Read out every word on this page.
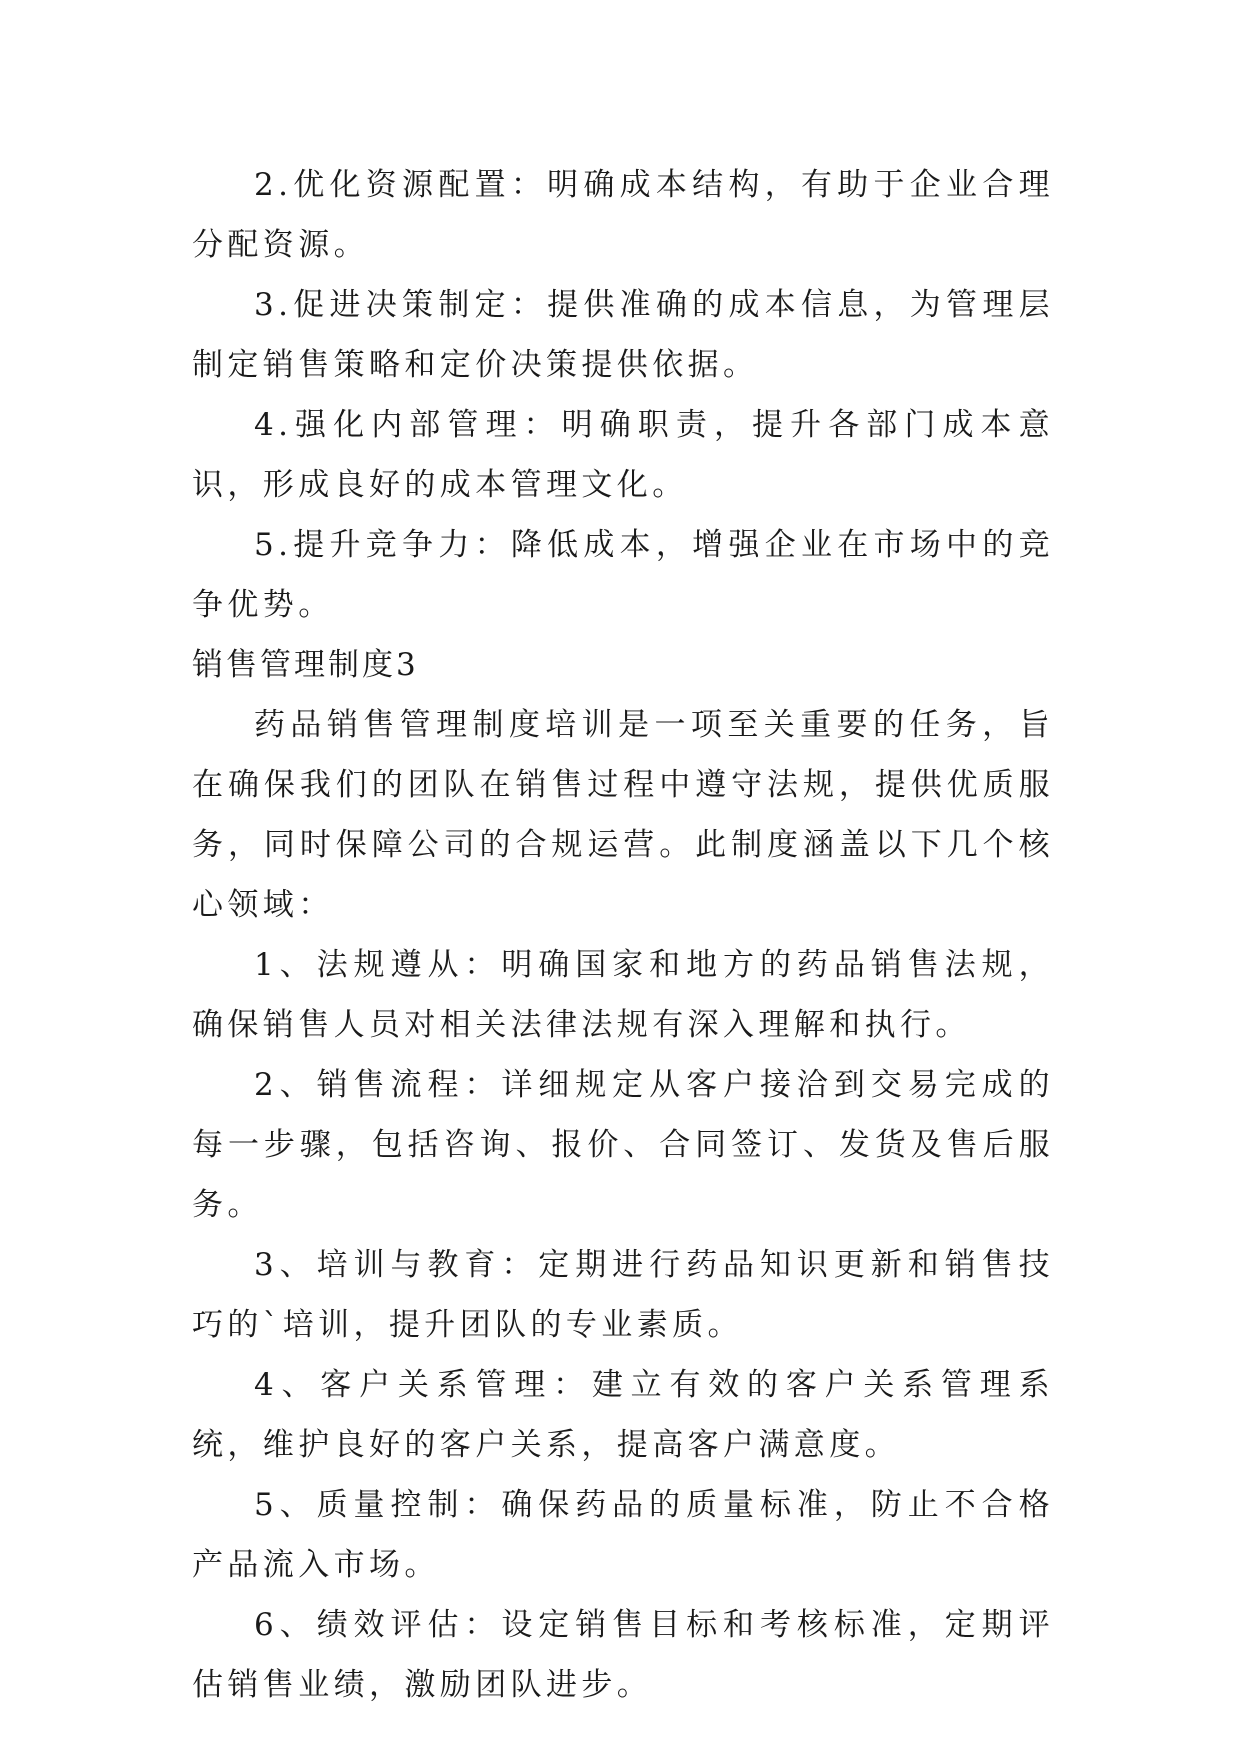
2.优化资源配置：明确成本结构，有助于企业合理分配资源。

3.促进决策制定：提供准确的成本信息，为管理层制定销售策略和定价决策提供依据。

4.强化内部管理：明确职责，提升各部门成本意识，形成良好的成本管理文化。

5.提升竞争力：降低成本，增强企业在市场中的竞争优势。

销售管理制度3

药品销售管理制度培训是一项至关重要的任务，旨在确保我们的团队在销售过程中遵守法规，提供优质服务，同时保障公司的合规运营。此制度涵盖以下几个核心领域：

1、法规遵从：明确国家和地方的药品销售法规，确保销售人员对相关法律法规有深入理解和执行。

2、销售流程：详细规定从客户接洽到交易完成的每一步骤，包括咨询、报价、合同签订、发货及售后服务。

3、培训与教育：定期进行药品知识更新和销售技巧的`培训，提升团队的专业素质。

4、客户关系管理：建立有效的客户关系管理系统，维护良好的客户关系，提高客户满意度。

5、质量控制：确保药品的质量标准，防止不合格产品流入市场。

6、绩效评估：设定销售目标和考核标准，定期评估销售业绩，激励团队进步。
